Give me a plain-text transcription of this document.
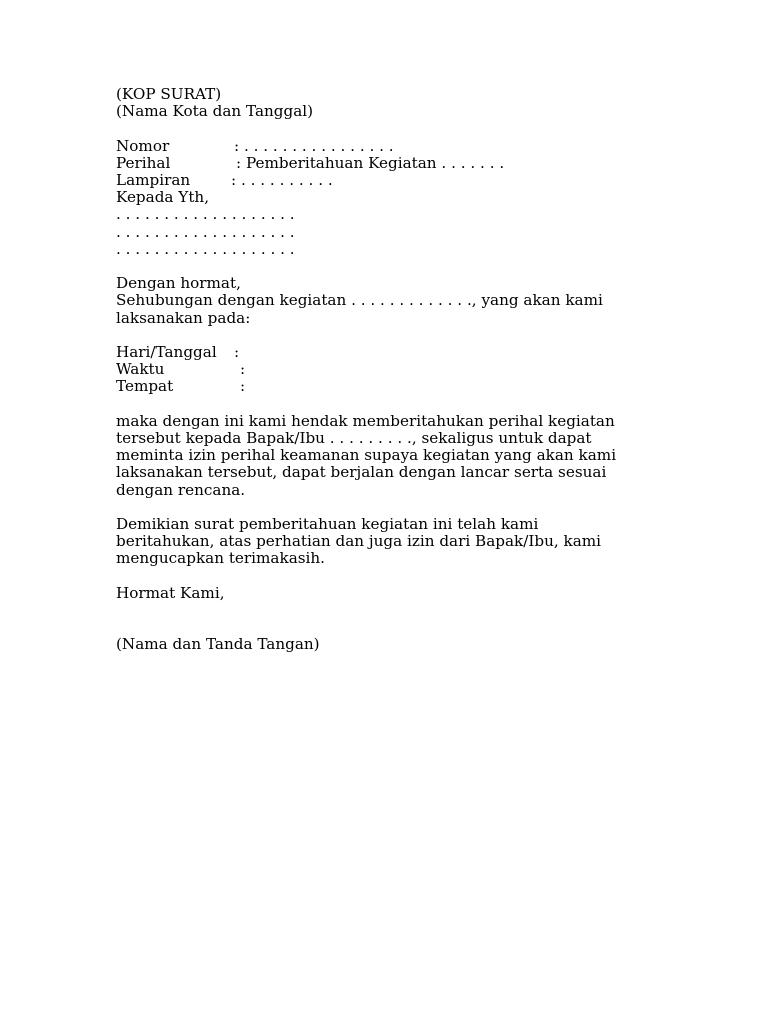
(KOP SURAT)
(Nama Kota dan Tanggal)
Nomor	: . . . . . . . . . . . . . . . .
Perihal	: Pemberitahuan Kegiatan . . . . . . .
Lampiran	: . . . . . . . . . .
Kepada Yth,
. . . . . . . . . . . . . . . . . . .
. . . . . . . . . . . . . . . . . . .
. . . . . . . . . . . . . . . . . . .
Dengan hormat,
Sehubungan dengan kegiatan . . . . . . . . . . . . ., yang akan kami
laksanakan pada:
Hari/Tanggal	:
Waktu	:
Tempat	:
maka dengan ini kami hendak memberitahukan perihal kegiatan
tersebut kepada Bapak/Ibu . . . . . . . . ., sekaligus untuk dapat
meminta izin perihal keamanan supaya kegiatan yang akan kami
laksanakan tersebut, dapat berjalan dengan lancar serta sesuai
dengan rencana.
Demikian surat pemberitahuan kegiatan ini telah kami
beritahukan, atas perhatian dan juga izin dari Bapak/Ibu, kami
mengucapkan terimakasih.
Hormat Kami,
(Nama dan Tanda Tangan)
